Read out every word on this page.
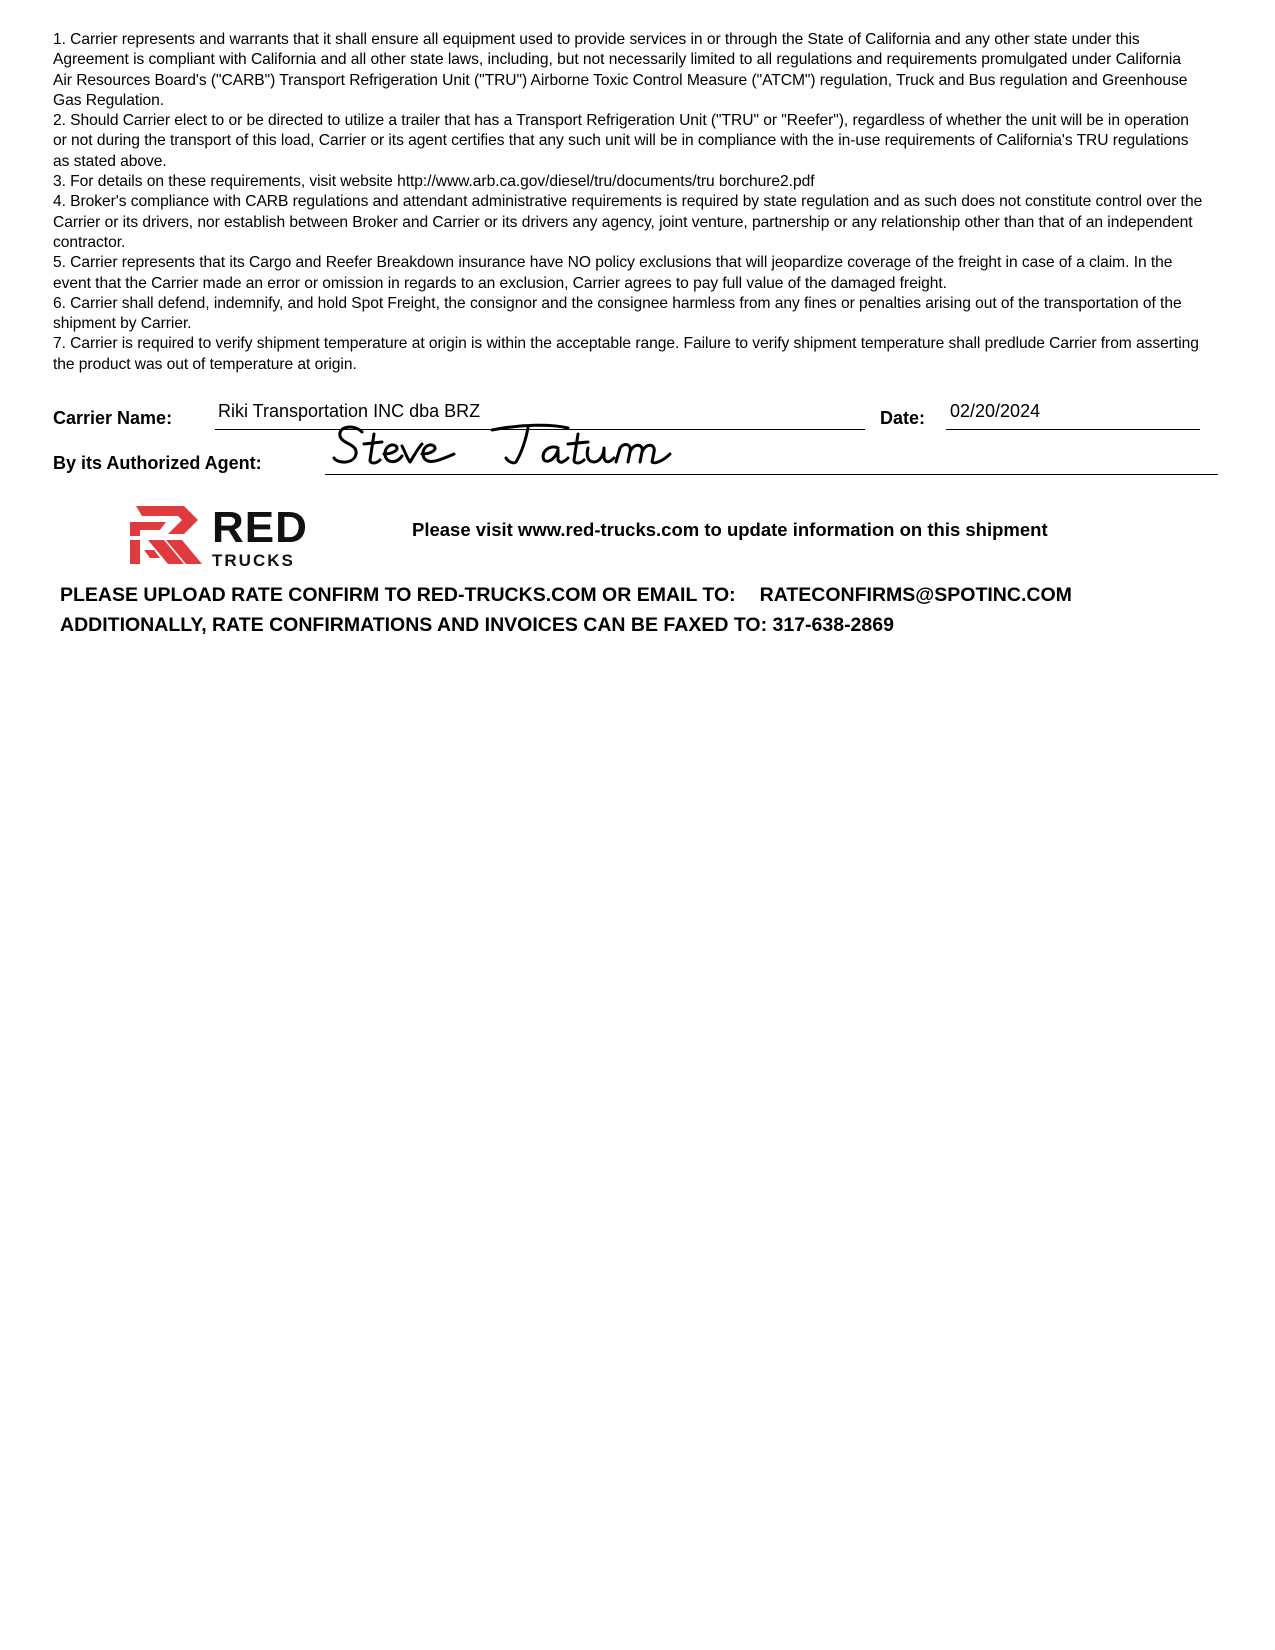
1. Carrier represents and warrants that it shall ensure all equipment used to provide services in or through the State of California and any other state under this Agreement is compliant with California and all other state laws, including, but not necessarily limited to all regulations and requirements promulgated under California Air Resources Board's ("CARB") Transport Refrigeration Unit ("TRU") Airborne Toxic Control Measure ("ATCM") regulation, Truck and Bus regulation and Greenhouse Gas Regulation.

2. Should Carrier elect to or be directed to utilize a trailer that has a Transport Refrigeration Unit ("TRU" or "Reefer"), regardless of whether the unit will be in operation or not during the transport of this load, Carrier or its agent certifies that any such unit will be in compliance with the in-use requirements of California's TRU regulations as stated above.

3. For details on these requirements, visit website http://www.arb.ca.gov/diesel/tru/documents/tru borchure2.pdf

4. Broker's compliance with CARB regulations and attendant administrative requirements is required by state regulation and as such does not constitute control over the Carrier or its drivers, nor establish between Broker and Carrier or its drivers any agency, joint venture, partnership or any relationship other than that of an independent contractor.

5. Carrier represents that its Cargo and Reefer Breakdown insurance have NO policy exclusions that will jeopardize coverage of the freight in case of a claim. In the event that the Carrier made an error or omission in regards to an exclusion, Carrier agrees to pay full value of the damaged freight.

6. Carrier shall defend, indemnify, and hold Spot Freight, the consignor and the consignee harmless from any fines or penalties arising out of the transportation of the shipment by Carrier.

7. Carrier is required to verify shipment temperature at origin is within the acceptable range. Failure to verify shipment temperature shall predlude Carrier from asserting the product was out of temperature at origin.

Carrier Name:	Riki Transportation INC dba BRZ	Date: 02/20/2024
By its Authorized Agent:
RED
TRUCKS
Please visit www.red-trucks.com to update information on this shipment
PLEASE UPLOAD RATE CONFIRM TO RED-TRUCKS.COM OR EMAIL TO: RATECONFIRMS@SPOTINC.COM
ADDITIONALLY, RATE CONFIRMATIONS AND INVOICES CAN BE FAXED TO: 317-638-2869
